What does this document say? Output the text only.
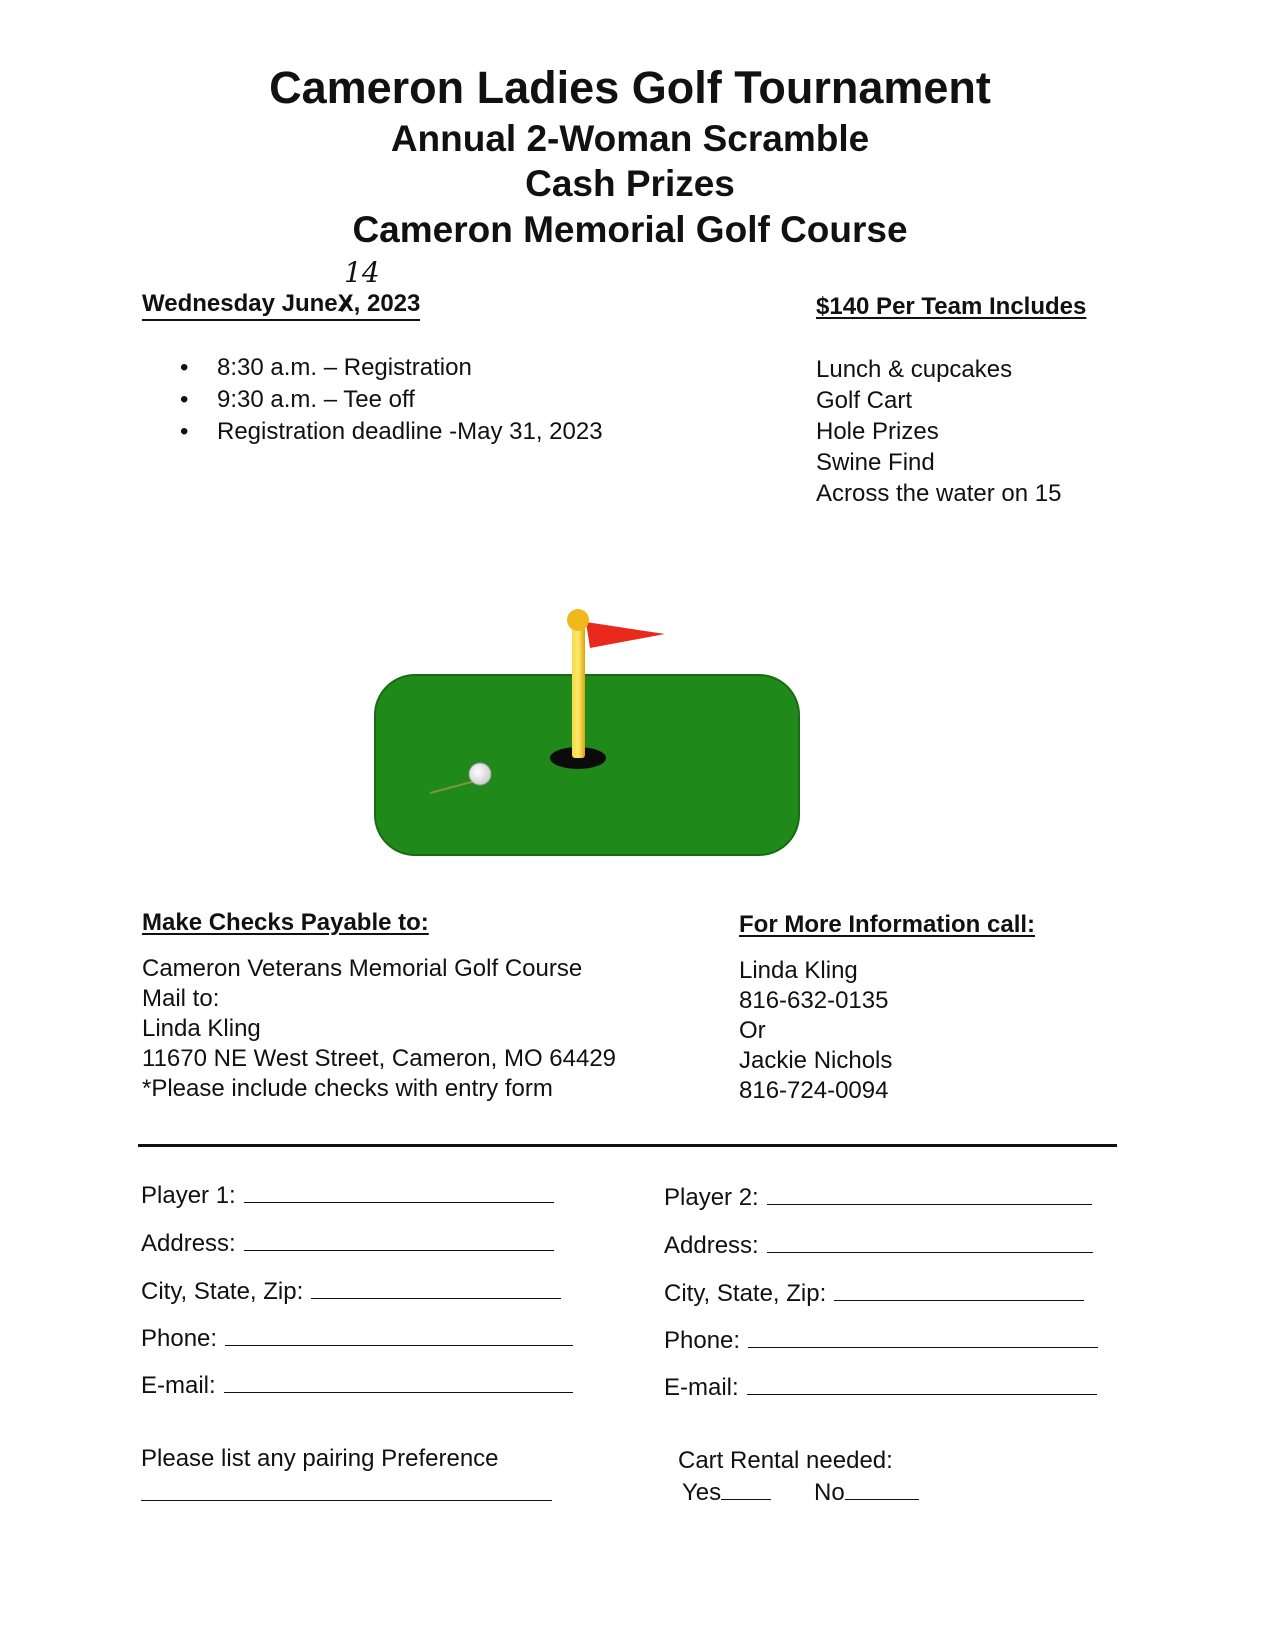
Cameron Ladies Golf Tournament
Annual 2-Woman Scramble
Cash Prizes
Cameron Memorial Golf Course
Wednesday JuneX, 2023
14
• 8:30 a.m. – Registration
• 9:30 a.m. – Tee off
• Registration deadline -May 31, 2023
$140 Per Team Includes
Lunch & cupcakes
Golf Cart
Hole Prizes
Swine Find
Across the water on 15
Make Checks Payable to:
Cameron Veterans Memorial Golf Course
Mail to:
Linda Kling
11670 NE West Street, Cameron, MO 64429
*Please include checks with entry form
For More Information call:
Linda Kling
816-632-0135
Or
Jackie Nichols
816-724-0094
Player 1:
Address:
City, State, Zip:
Phone:
E-mail:
Player 2:
Address:
City, State, Zip:
Phone:
E-mail:
Please list any pairing Preference	Cart Rental needed:
Yes	No
